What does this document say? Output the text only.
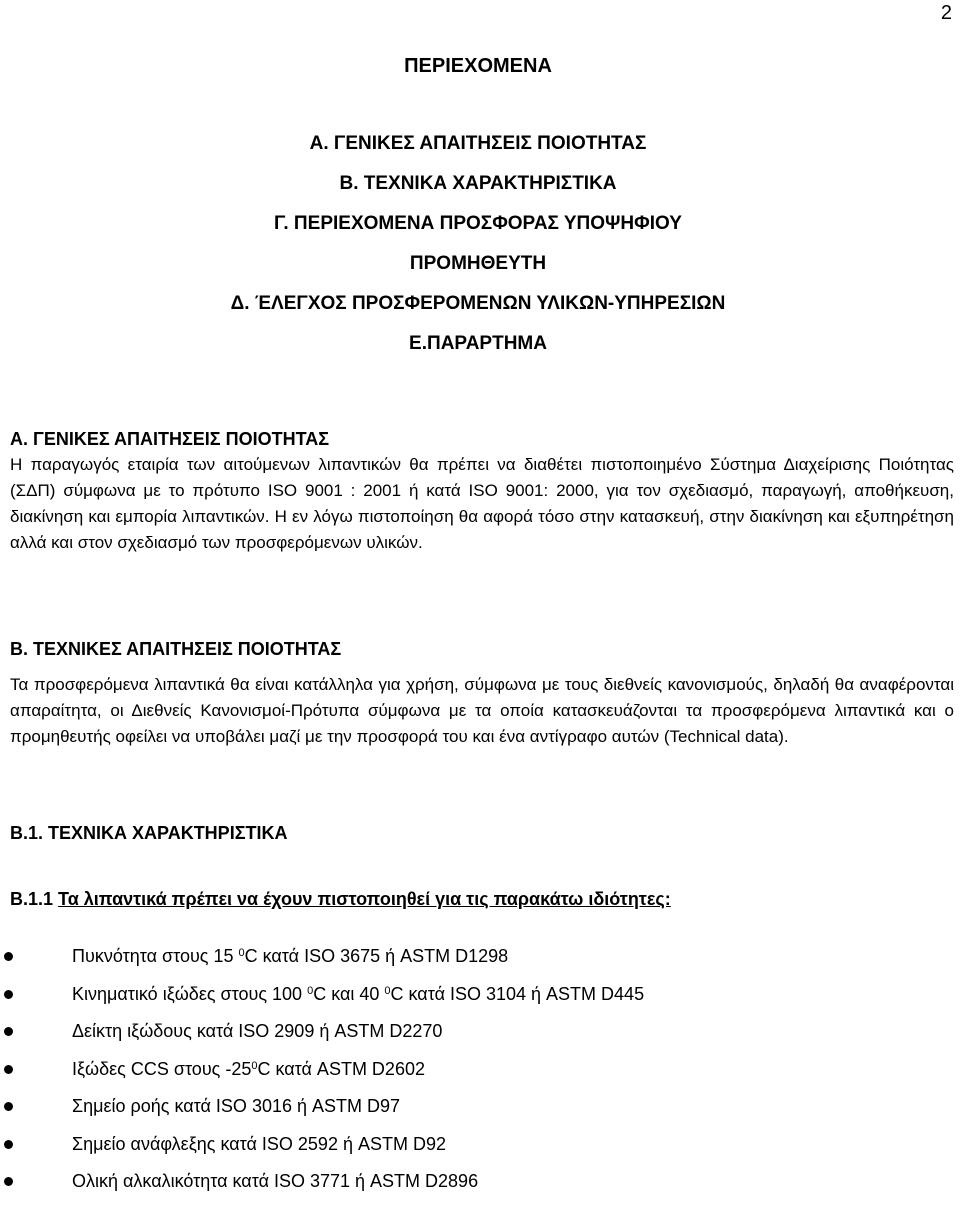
2
ΠΕΡΙΕΧΟΜΕΝΑ
Α. ΓΕΝΙΚΕΣ ΑΠΑΙΤΗΣΕΙΣ ΠΟΙΟΤΗΤΑΣ
Β. ΤΕΧΝΙΚΑ ΧΑΡΑΚΤΗΡΙΣΤΙΚΑ
Γ. ΠΕΡΙΕΧΟΜΕΝΑ ΠΡΟΣΦΟΡΑΣ ΥΠΟΨΗΦΙΟΥ
ΠΡΟΜΗΘΕΥΤΗ
Δ. ΈΛΕΓΧΟΣ ΠΡΟΣΦΕΡΟΜΕΝΩΝ ΥΛΙΚΩΝ-ΥΠΗΡΕΣΙΩΝ
Ε.ΠΑΡΑΡΤΗΜΑ

Α. ΓΕΝΙΚΕΣ ΑΠΑΙΤΗΣΕΙΣ ΠΟΙΟΤΗΤΑΣ

Η παραγωγός εταιρία των αιτούμενων λιπαντικών θα πρέπει να διαθέτει πιστοποιημένο Σύστημα Διαχείρισης Ποιότητας (ΣΔΠ) σύμφωνα με το πρότυπο ISO 9001 : 2001 ή κατά ISO 9001: 2000, για τον σχεδιασμό, παραγωγή, αποθήκευση, διακίνηση και εμπορία λιπαντικών. Η εν λόγω πιστοποίηση θα αφορά τόσο στην κατασκευή, στην διακίνηση και εξυπηρέτηση αλλά και στον σχεδιασμό των προσφερόμενων υλικών.

Β. ΤΕΧΝΙΚΕΣ ΑΠΑΙΤΗΣΕΙΣ ΠΟΙΟΤΗΤΑΣ

Τα προσφερόμενα λιπαντικά θα είναι κατάλληλα για χρήση, σύμφωνα με τους διεθνείς κανονισμούς, δηλαδή θα αναφέρονται απαραίτητα, οι Διεθνείς Κανονισμοί-Πρότυπα σύμφωνα με τα οποία κατασκευάζονται τα προσφερόμενα λιπαντικά και ο προμηθευτής οφείλει να υποβάλει μαζί με την προσφορά του και ένα αντίγραφο αυτών (Technical data).

Β.1. ΤΕΧΝΙΚΑ ΧΑΡΑΚΤΗΡΙΣΤΙΚΑ

Β.1.1 Τα λιπαντικά πρέπει να έχουν πιστοποιηθεί για τις παρακάτω ιδιότητες:

Πυκνότητα στους 15 $^0$C κατά ISO 3675 ή ASTM D1298
Κινηματικό ιξώδες στους 100 $^0$C και 40 $^0$C κατά ISO 3104 ή ASTM D445
Δείκτη ιξώδους κατά ISO 2909 ή ASTM D2270
Ιξώδες CCS στους $-25^0C$ κατά ASTM D2602
Σημείο ροής κατά ISO 3016 ή ASTM D97
Σημείο ανάφλεξης κατά ISO 2592 ή ASTM D92
Ολική αλκαλικότητα κατά ISO 3771 ή ASTM D2896
